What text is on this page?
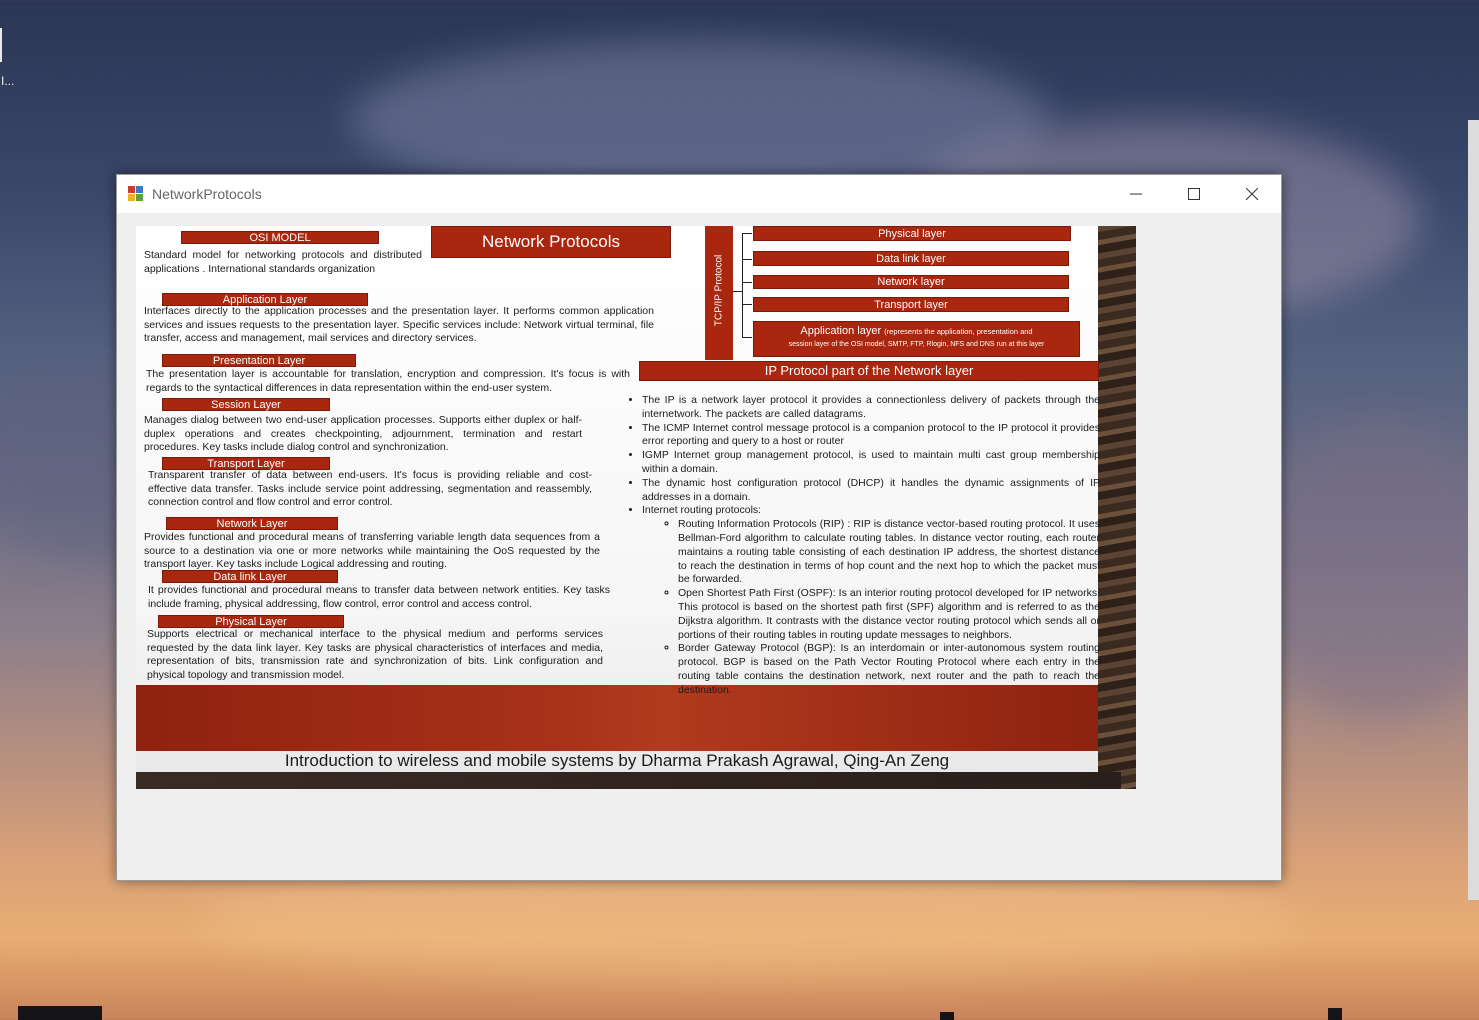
I...
NetworkProtocols
OSI MODEL
Standard model for networking protocols and distributed applications . International standards organization
Network Protocols
Application Layer
Interfaces directly to the application processes and the presentation layer. It performs common application services and issues requests to the presentation layer. Specific services include: Network virtual terminal, file transfer, access and management, mail services and directory services.
Presentation Layer
The presentation layer is accountable for translation, encryption and compression. It's focus is with regards to the syntactical differences in data representation within the end-user system.
Session Layer
Manages dialog between two end-user application processes. Supports either duplex or half-duplex operations and creates checkpointing, adjournment, termination and restart procedures. Key tasks include dialog control and synchronization.
Transport Layer
Transparent transfer of data between end-users. It's focus is providing reliable and cost-effective data transfer. Tasks include service point addressing, segmentation and reassembly, connection control and flow control and error control.
Network Layer
Provides functional and procedural means of transferring variable length data sequences from a source to a destination via one or more networks while maintaining the OoS requested by the transport layer. Key tasks include Logical addressing and routing.
Data link Layer
It provides functional and procedural means to transfer data between network entities. Key tasks include framing, physical addressing, flow control, error control and access control.
Physical Layer
Supports electrical or mechanical interface to the physical medium and performs services requested by the data link layer. Key tasks are physical characteristics of interfaces and media, representation of bits, transmission rate and synchronization of bits. Link configuration and physical topology and transmission model.
TCP/IP Protocol
Physical layer
Data link layer
Network layer
Transport layer
Application layer (represents the application, presentation and
session layer of the OSI model, SMTP, FTP, Rlogin, NFS and DNS run at this layer
IP Protocol part of the Network layer
• The IP is a network layer protocol it provides a connectionless delivery of packets through the internetwork. The packets are called datagrams.
• The ICMP Internet control message protocol is a companion protocol to the IP protocol it provides error reporting and query to a host or router
• IGMP Internet group management protocol, is used to maintain multi cast group membership within a domain.
• The dynamic host configuration protocol (DHCP) it handles the dynamic assignments of IP addresses in a domain.
• Internet routing protocols:
◦ Routing Information Protocols (RIP) : RIP is distance vector-based routing protocol. It uses Bellman-Ford algorithm to calculate routing tables. In distance vector routing, each router maintains a routing table consisting of each destination IP address, the shortest distance to reach the destination in terms of hop count and the next hop to which the packet must be forwarded.
◦ Open Shortest Path First (OSPF): Is an interior routing protocol developed for IP networks. This protocol is based on the shortest path first (SPF) algorithm and is referred to as the Dijkstra algorithm. It contrasts with the distance vector routing protocol which sends all or portions of their routing tables in routing update messages to neighbors.
◦ Border Gateway Protocol (BGP): Is an interdomain or inter-autonomous system routing protocol. BGP is based on the Path Vector Routing Protocol where each entry in the routing table contains the destination network, next router and the path to reach the destination.
Introduction to wireless and mobile systems by Dharma Prakash Agrawal, Qing-An Zeng
